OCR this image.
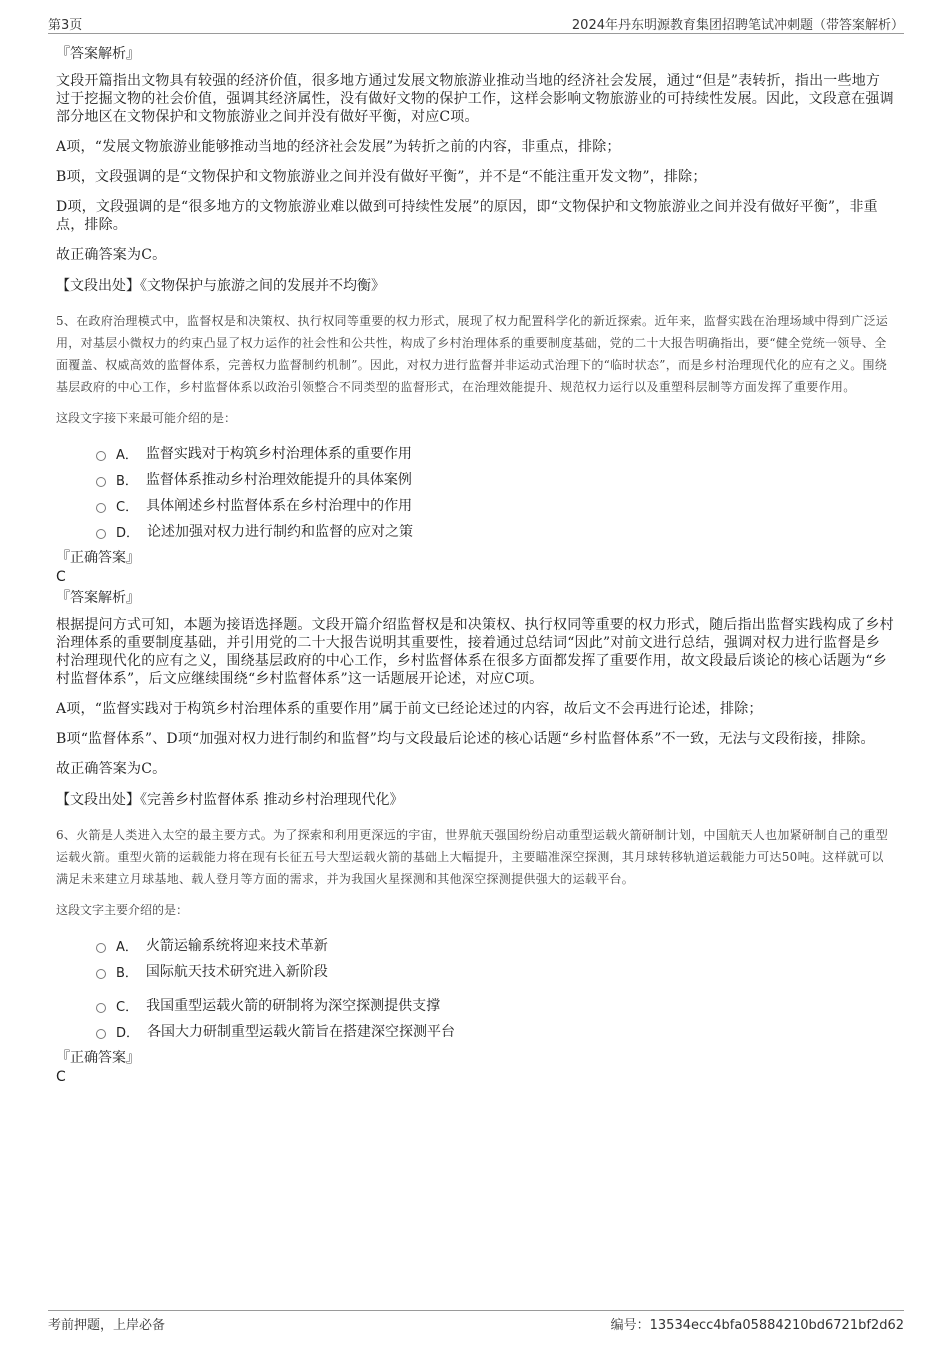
第3页	2024年丹东明源教育集团招聘笔试冲刺题（带答案解析）
『答案解析』

文段开篇指出文物具有较强的经济价值，很多地方通过发展文物旅游业推动当地的经济社会发展，通过“但是”表转折，指出一些地方过于挖掘文物的社会价值，强调其经济属性，没有做好文物的保护工作，这样会影响文物旅游业的可持续性发展。因此，文段意在强调部分地区在文物保护和文物旅游业之间并没有做好平衡，对应C项。

A项，“发展文物旅游业能够推动当地的经济社会发展”为转折之前的内容，非重点，排除；

B项，文段强调的是“文物保护和文物旅游业之间并没有做好平衡”，并不是“不能注重开发文物”，排除；

D项，文段强调的是“很多地方的文物旅游业难以做到可持续性发展”的原因，即“文物保护和文物旅游业之间并没有做好平衡”，非重点，排除。

故正确答案为C。

【文段出处】《文物保护与旅游之间的发展并不均衡》

5、在政府治理模式中，监督权是和决策权、执行权同等重要的权力形式，展现了权力配置科学化的新近探索。近年来，监督实践在治理场域中得到广泛运用，对基层小微权力的约束凸显了权力运作的社会性和公共性，构成了乡村治理体系的重要制度基础，党的二十大报告明确指出，要“健全党统一领导、全面覆盖、权威高效的监督体系，完善权力监督制约机制”。因此，对权力进行监督并非运动式治理下的“临时状态”，而是乡村治理现代化的应有之义。围绕基层政府的中心工作，乡村监督体系以政治引领整合不同类型的监督形式，在治理效能提升、规范权力运行以及重塑科层制等方面发挥了重要作用。

这段文字接下来最可能介绍的是：

A． 监督实践对于构筑乡村治理体系的重要作用
B． 监督体系推动乡村治理效能提升的具体案例
C． 具体阐述乡村监督体系在乡村治理中的作用
D． 论述加强对权力进行制约和监督的应对之策
『正确答案』
C
『答案解析』

根据提问方式可知，本题为接语选择题。文段开篇介绍监督权是和决策权、执行权同等重要的权力形式，随后指出监督实践构成了乡村治理体系的重要制度基础，并引用党的二十大报告说明其重要性，接着通过总结词“因此”对前文进行总结，强调对权力进行监督是乡村治理现代化的应有之义，围绕基层政府的中心工作，乡村监督体系在很多方面都发挥了重要作用，故文段最后谈论的核心话题为“乡村监督体系”，后文应继续围绕“乡村监督体系”这一话题展开论述，对应C项。

A项，“监督实践对于构筑乡村治理体系的重要作用”属于前文已经论述过的内容，故后文不会再进行论述，排除；

B项“监督体系”、D项“加强对权力进行制约和监督”均与文段最后论述的核心话题“乡村监督体系”不一致，无法与文段衔接，排除。

故正确答案为C。

【文段出处】《完善乡村监督体系 推动乡村治理现代化》

6、火箭是人类进入太空的最主要方式。为了探索和利用更深远的宇宙，世界航天强国纷纷启动重型运载火箭研制计划，中国航天人也加紧研制自己的重型运载火箭。重型火箭的运载能力将在现有长征五号大型运载火箭的基础上大幅提升，主要瞄准深空探测，其月球转移轨道运载能力可达50吨。这样就可以满足未来建立月球基地、载人登月等方面的需求，并为我国火星探测和其他深空探测提供强大的运载平台。

这段文字主要介绍的是：

A． 火箭运输系统将迎来技术革新
B． 国际航天技术研究进入新阶段
C． 我国重型运载火箭的研制将为深空探测提供支撑
D． 各国大力研制重型运载火箭旨在搭建深空探测平台
『正确答案』
C
考前押题，上岸必备	编号：13534ecc4bfa05884210bd6721bf2d62
